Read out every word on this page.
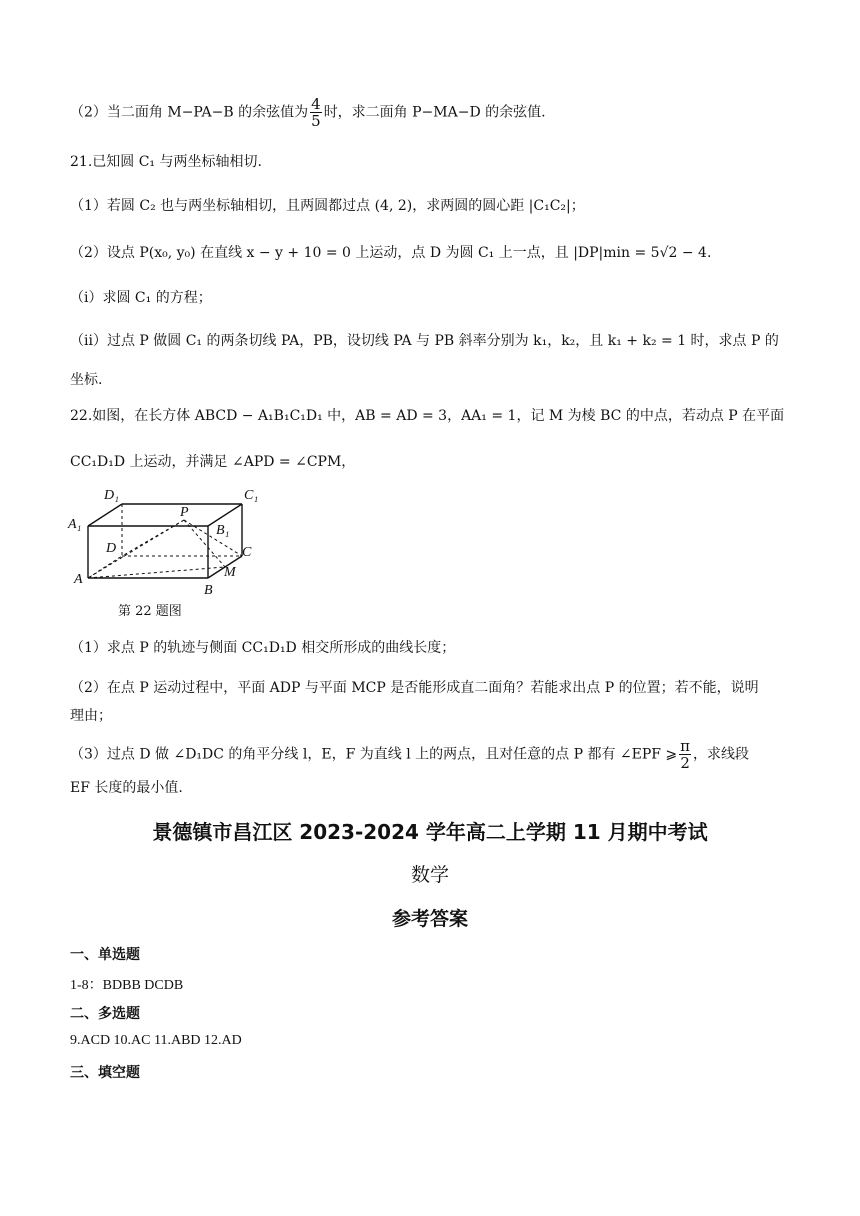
（2）当二面角 M−PA−B 的余弦值为 $\frac{4}{5}$ 时，求二面角 P−MA−D 的余弦值.
21.已知圆 C₁ 与两坐标轴相切.
（1）若圆 C₂ 也与两坐标轴相切，且两圆都过点 (4, 2)，求两圆的圆心距 |C₁C₂|；
（2）设点 P(x₀, y₀) 在直线 x − y + 10 = 0 上运动，点 D 为圆 C₁ 上一点，且 |DP|min = 5√2 − 4.
（ⅰ）求圆 C₁ 的方程；
（ⅱ）过点 P 做圆 C₁ 的两条切线 PA，PB，设切线 PA 与 PB 斜率分别为 k₁，k₂，且 k₁ + k₂ = 1 时，求点 P 的
坐标.
22.如图，在长方体 ABCD − A₁B₁C₁D₁ 中，AB = AD = 3，AA₁ = 1，记 M 为棱 BC 的中点，若动点 P 在平面
CC₁D₁D 上运动，并满足 ∠APD = ∠CPM，
D₁	C₁
A₁	B₁
P
D	C
A
B
M
第 22 题图
（1）求点 P 的轨迹与侧面 CC₁D₁D 相交所形成的曲线长度；
（2）在点 P 运动过程中，平面 ADP 与平面 MCP 是否能形成直二面角？若能求出点 P 的位置；若不能，说明
理由；
（3）过点 D 做 ∠D₁DC 的角平分线 l，E，F 为直线 l 上的两点，且对任意的点 P 都有 ∠EPF ⩾ $\frac{\pi}{2}$ ，求线段
EF 长度的最小值.
景德镇市昌江区 2023-2024 学年高二上学期 11 月期中考试
数学
参考答案
一、单选题
1-8：BDBB DCDB
二、多选题
9.ACD 10.AC 11.ABD 12.AD
三、填空题
